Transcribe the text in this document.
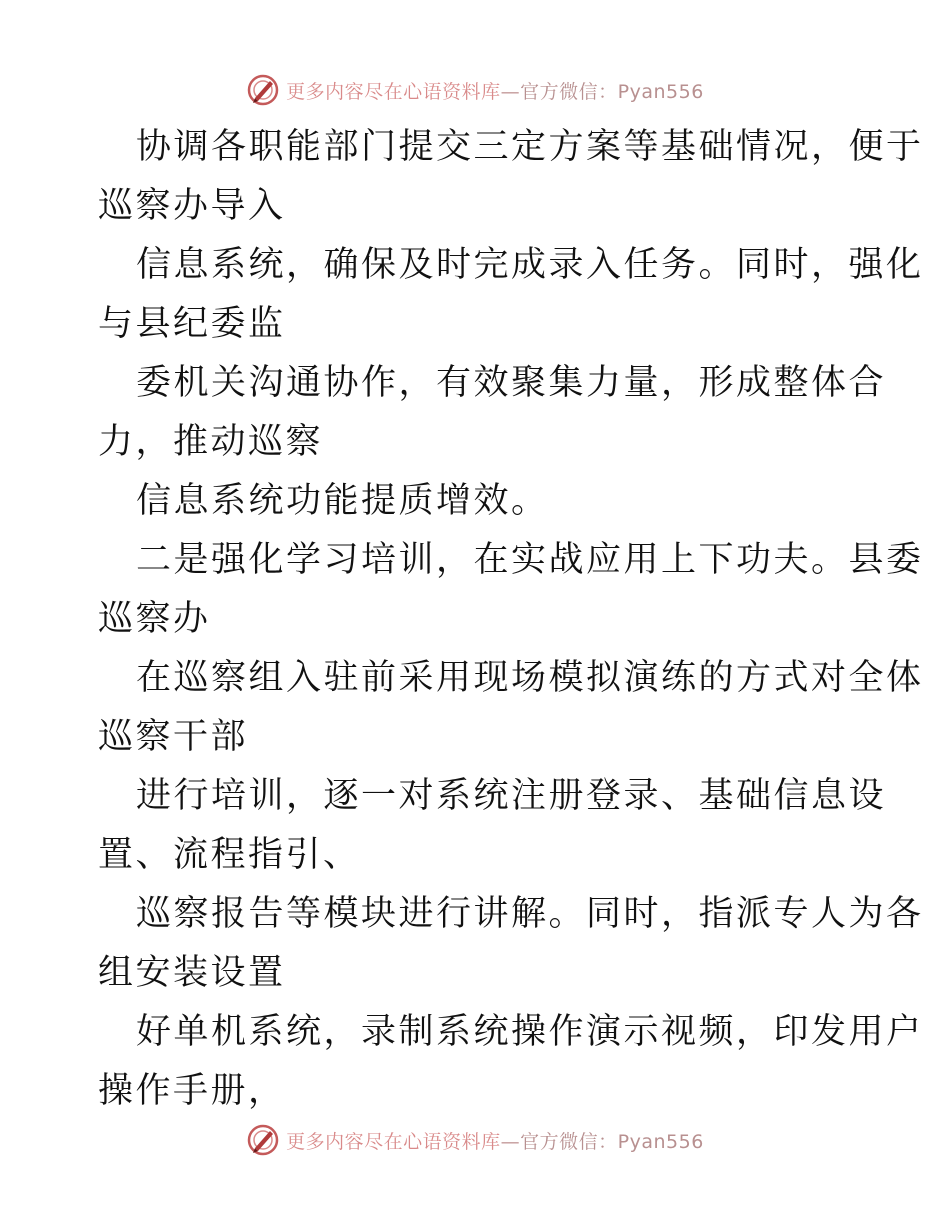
更多内容尽在心语资料库—官方微信：Pyan556

协调各职能部门提交三定方案等基础情况，便于

巡察办导入

信息系统，确保及时完成录入任务。同时，强化

与县纪委监

委机关沟通协作，有效聚集力量，形成整体合

力，推动巡察

信息系统功能提质增效。

二是强化学习培训，在实战应用上下功夫。县委

巡察办

在巡察组入驻前采用现场模拟演练的方式对全体

巡察干部

进行培训，逐一对系统注册登录、基础信息设

置、流程指引、

巡察报告等模块进行讲解。同时，指派专人为各

组安装设置

好单机系统，录制系统操作演示视频，印发用户

操作手册，

更多内容尽在心语资料库—官方微信：Pyan556
